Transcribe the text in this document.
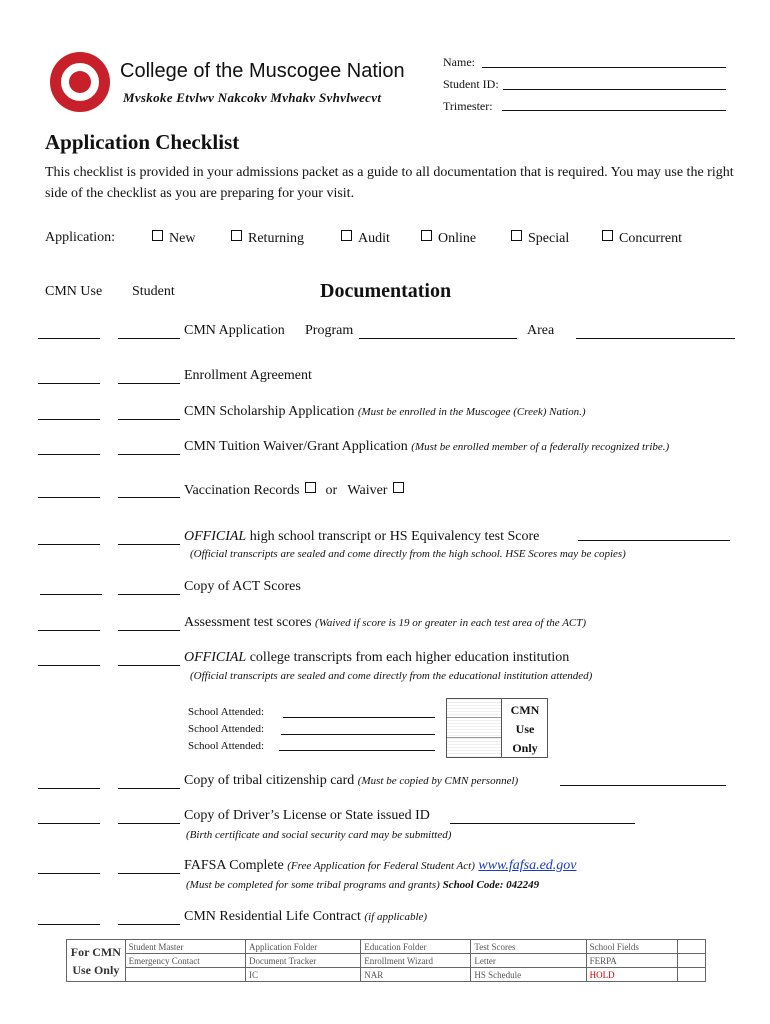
College of the Muscogee Nation
Mvskoke Etvlwv Nakcokv Mvhakv Svhvlwecvt
Name:
Student ID:
Trimester:
Application Checklist
This checklist is provided in your admissions packet as a guide to all documentation that is required. You may use the right side of the checklist as you are preparing for your visit.
Application:	New	Returning	Audit	Online	Special	Concurrent
CMN Use Student	Documentation
CMN Application Program	Area
Enrollment Agreement
CMN Scholarship Application (Must be enrolled in the Muscogee (Creek) Nation.)
CMN Tuition Waiver/Grant Application (Must be enrolled member of a federally recognized tribe.)
Vaccination Records or Waiver
OFFICIAL high school transcript or HS Equivalency test Score
(Official transcripts are sealed and come directly from the high school. HSE Scores may be copies)
Copy of ACT Scores
Assessment test scores (Waived if score is 19 or greater in each test area of the ACT)
OFFICIAL college transcripts from each higher education institution
(Official transcripts are sealed and come directly from the educational institution attended)
School Attended:
School Attended:
School Attended:
CMN
Use
Only
Copy of tribal citizenship card (Must be copied by CMN personnel)
Copy of Driver’s License or State issued ID
(Birth certificate and social security card may be submitted)
FAFSA Complete (Free Application for Federal Student Act) www.fafsa.ed.gov
(Must be completed for some tribal programs and grants) School Code: 042249
CMN Residential Life Contract (if applicable)
For CMN Use Only	Student Master	Application Folder	Education Folder	Test Scores	School Fields	
	Emergency Contact	Document Tracker	Enrollment Wizard	Letter	FERPA	
		IC	NAR	HS Schedule	HOLD	
